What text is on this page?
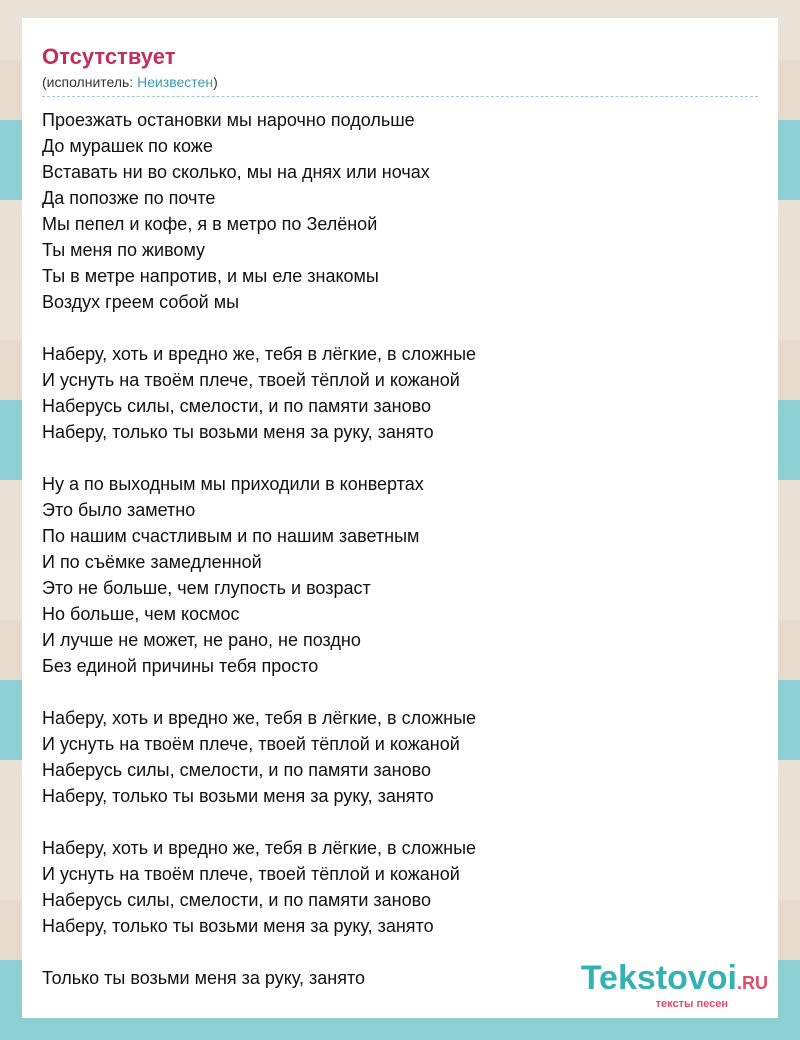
Отсутствует
(исполнитель: Неизвестен)
Проезжать остановки мы нарочно подольше
До мурашек по коже
Вставать ни во сколько, мы на днях или ночах
Да попозже по почте
Мы пепел и кофе, я в метро по Зелёной
Ты меня по живому
Ты в метре напротив, и мы еле знакомы
Воздух греем собой мы
Наберу, хоть и вредно же, тебя в лёгкие, в сложные
И уснуть на твоём плече, твоей тёплой и кожаной
Наберусь силы, смелости, и по памяти заново
Наберу, только ты возьми меня за руку, занято
Ну а по выходным мы приходили в конвертах
Это было заметно
По нашим счастливым и по нашим заветным
И по съёмке замедленной
Это не больше, чем глупость и возраст
Но больше, чем космос
И лучше не может, не рано, не поздно
Без единой причины тебя просто
Наберу, хоть и вредно же, тебя в лёгкие, в сложные
И уснуть на твоём плече, твоей тёплой и кожаной
Наберусь силы, смелости, и по памяти заново
Наберу, только ты возьми меня за руку, занято
Наберу, хоть и вредно же, тебя в лёгкие, в сложные
И уснуть на твоём плече, твоей тёплой и кожаной
Наберусь силы, смелости, и по памяти заново
Наберу, только ты возьми меня за руку, занято
Только ты возьми меня за руку, занято	Tekstovoi.RU
тексты песен
